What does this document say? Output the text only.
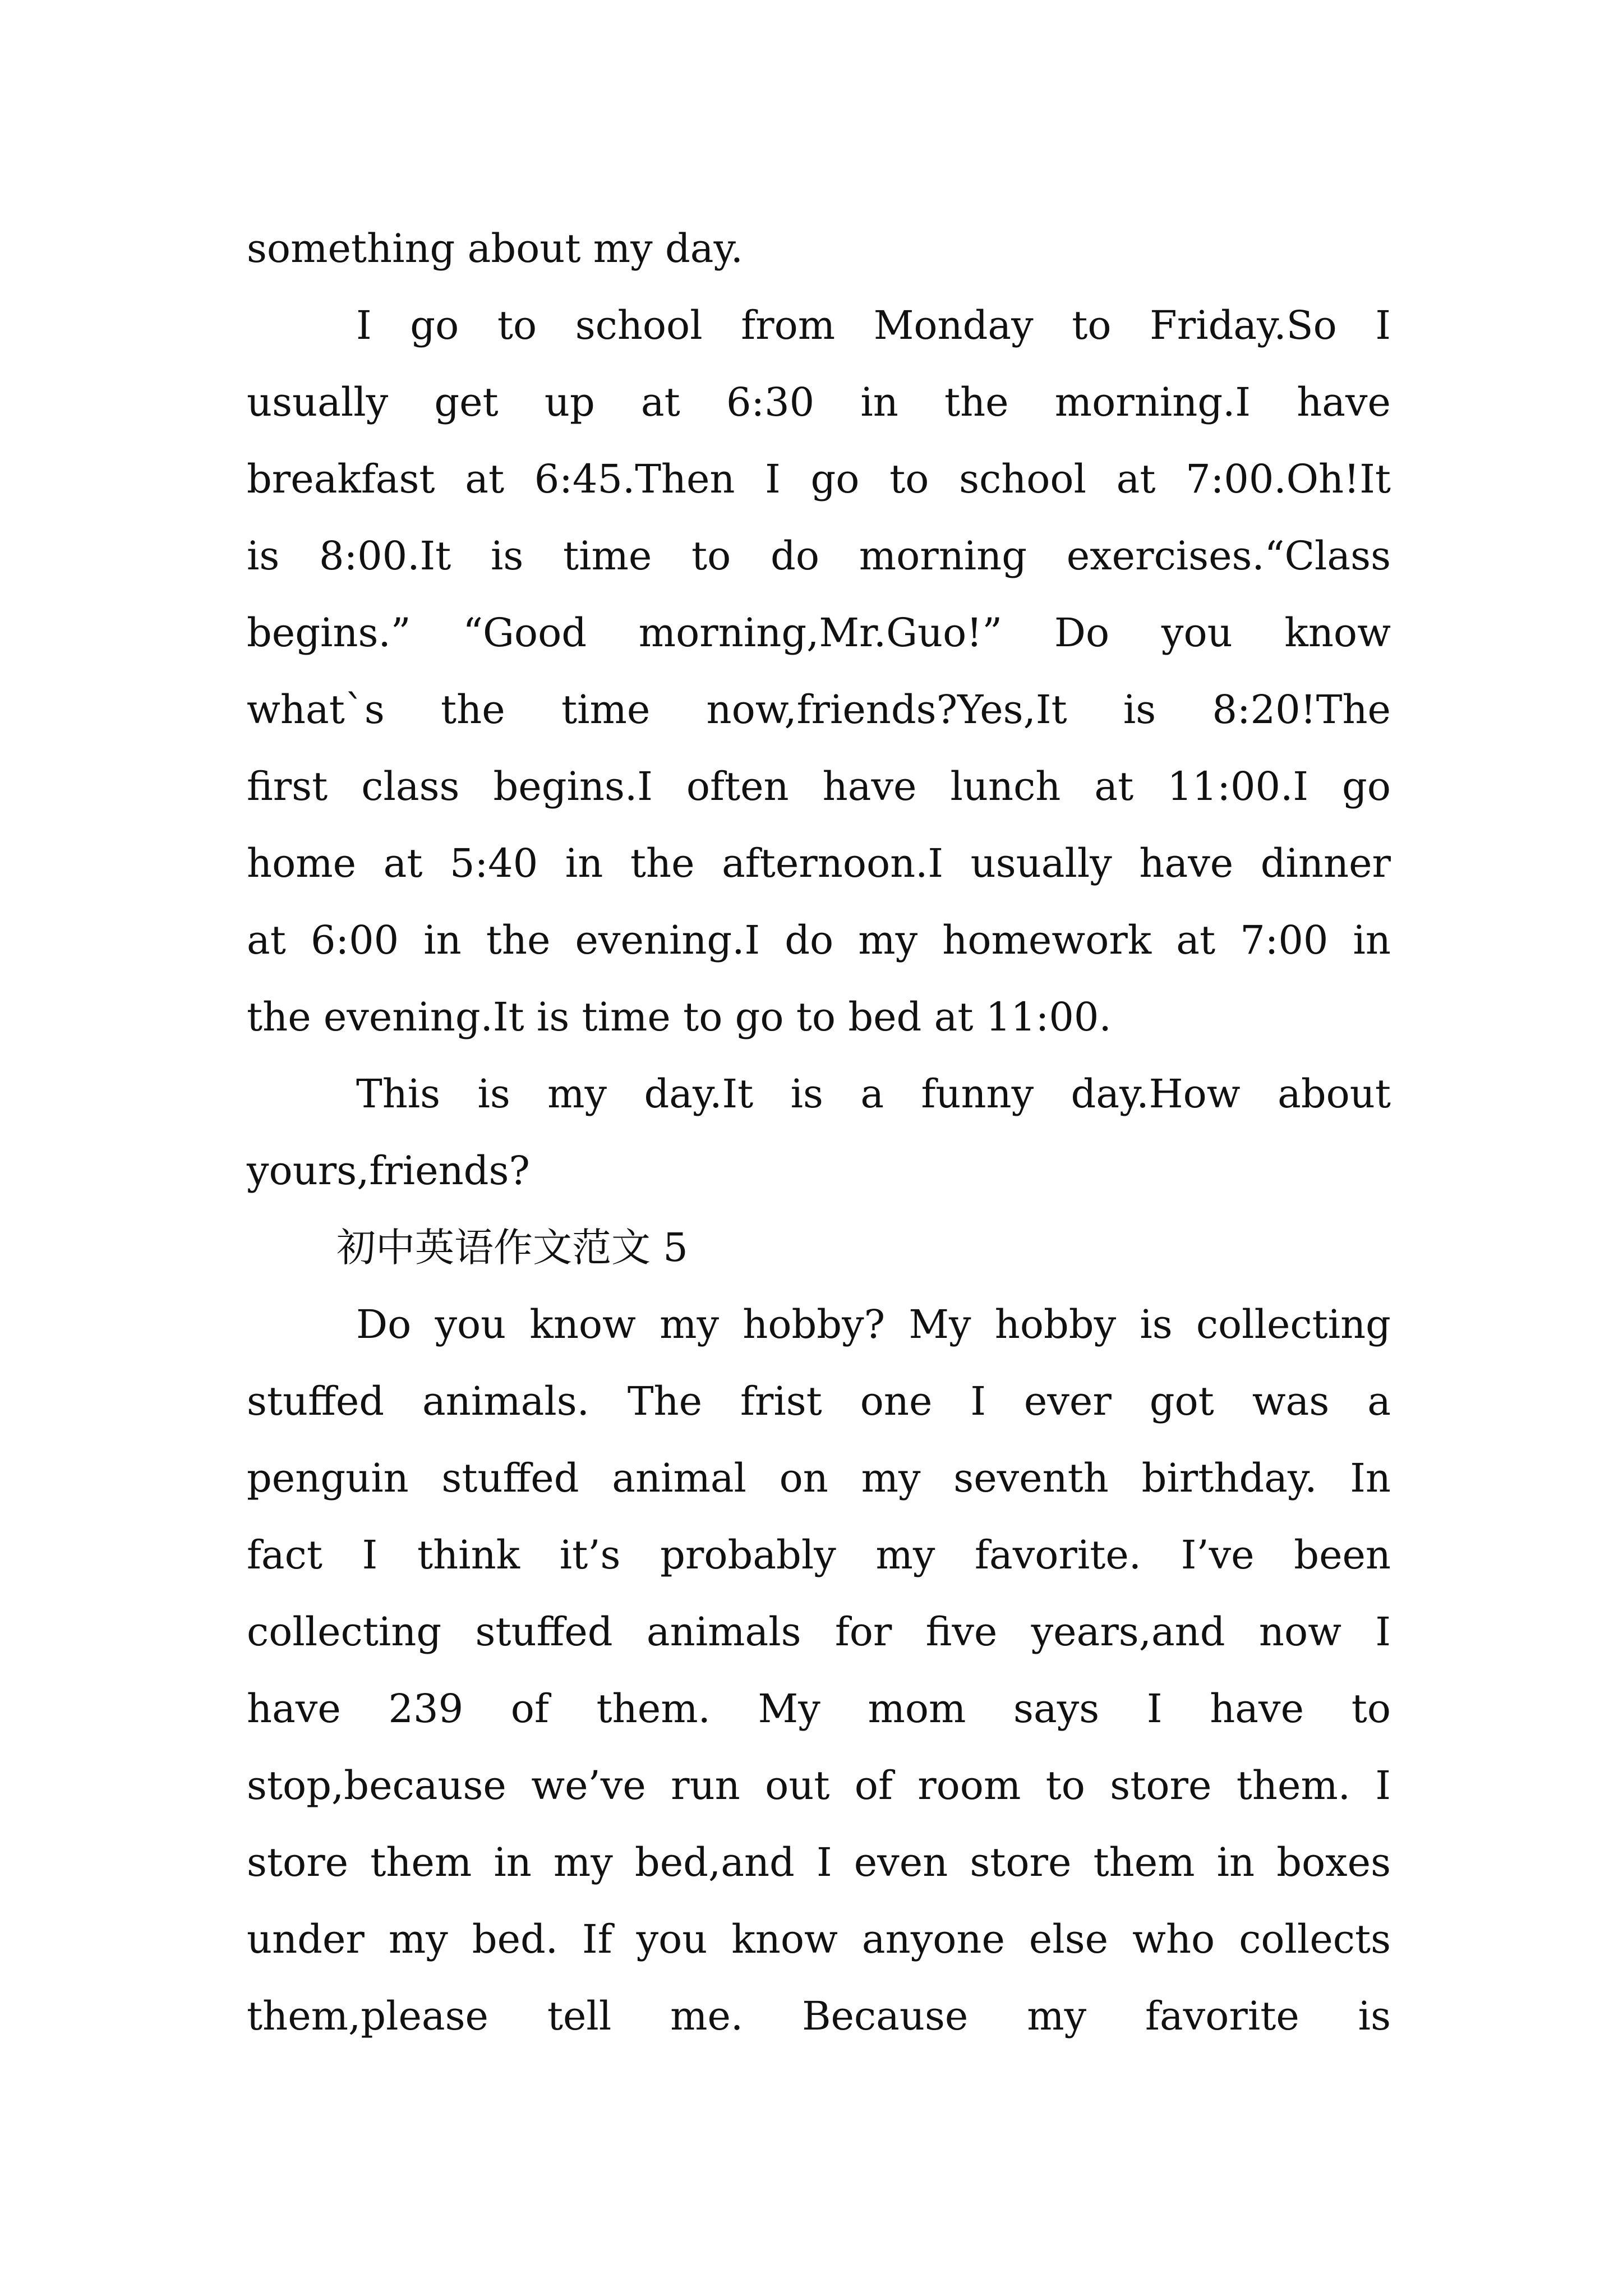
something about my day.
I go to school from Monday to Friday.So I
usually get up at 6:30 in the morning.I have
breakfast at 6:45.Then I go to school at 7:00.Oh!It
is 8:00.It is time to do morning exercises.“Class
begins.” “Good morning,Mr.Guo!” Do you know
what`s the time now,friends?Yes,It is 8:20!The
first class begins.I often have lunch at 11:00.I go
home at 5:40 in the afternoon.I usually have dinner
at 6:00 in the evening.I do my homework at 7:00 in
the evening.It is time to go to bed at 11:00.
This is my day.It is a funny day.How about
yours,friends?
初中英语作文范文 5
Do you know my hobby? My hobby is collecting
stuffed animals. The frist one I ever got was a
penguin stuffed animal on my seventh birthday. In
fact I think it’s probably my favorite. I’ve been
collecting stuffed animals for five years,and now I
have 239 of them. My mom says I have to
stop,because we’ve run out of room to store them. I
store them in my bed,and I even store them in boxes
under my bed. If you know anyone else who collects
them,please tell me. Because my favorite is
